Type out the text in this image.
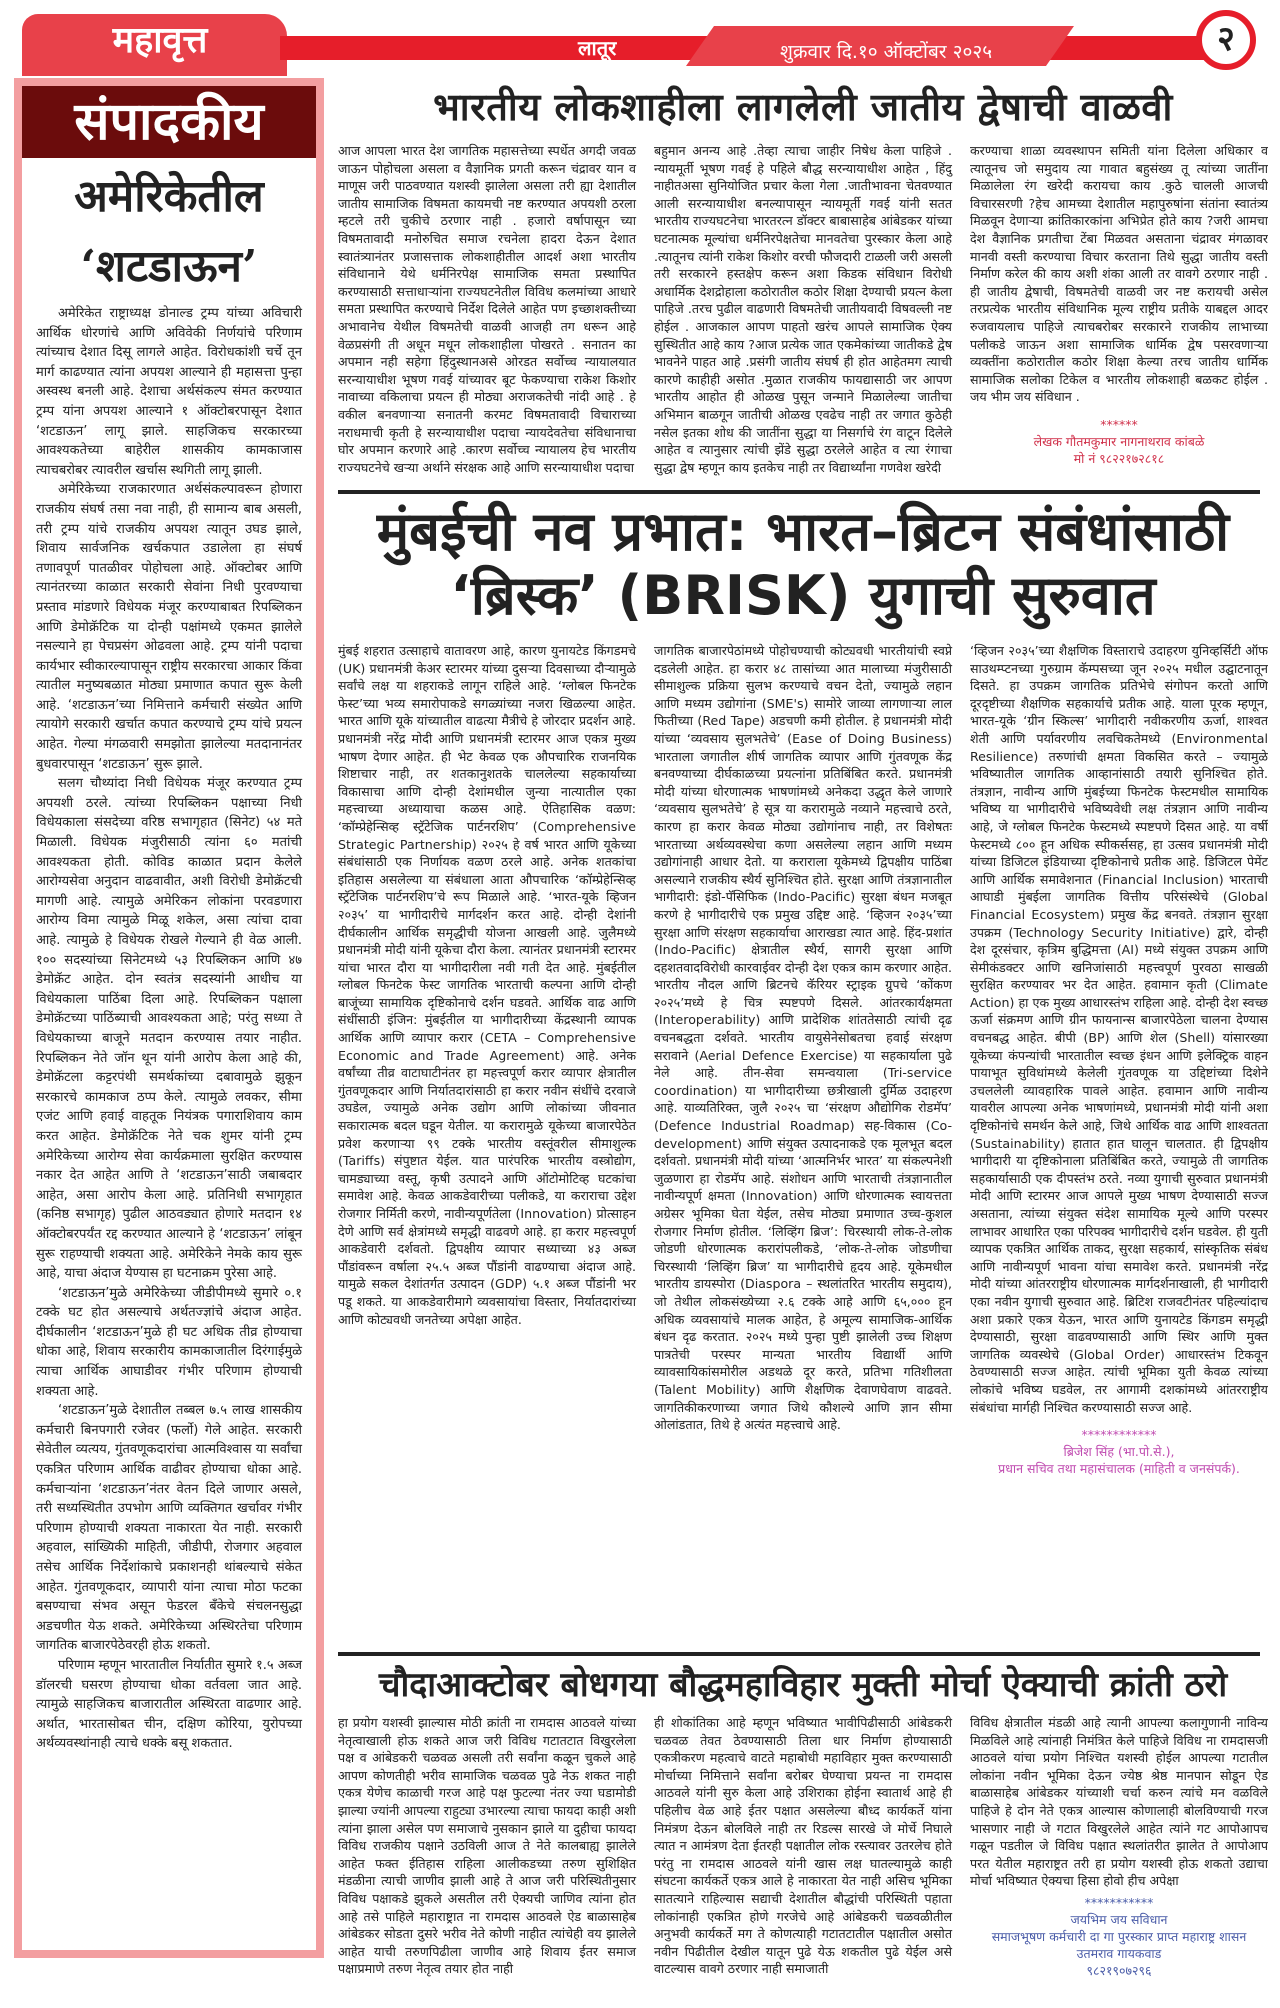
महावृत्त	लातूर	शुक्रवार दि.१० ऑक्टोंबर २०२५	२
संपादकीय
अमेरिकेतील
‘शटडाऊन’

अमेरिकेत राष्ट्राध्यक्ष डोनाल्ड ट्रम्प यांच्या अविचारी आर्थिक धोरणांचे आणि अविवेकी निर्णयांचे परिणाम त्यांच्याच देशात दिसू लागले आहेत. विरोधकांशी चर्चे तून मार्ग काढण्यात त्यांना अपयश आल्याने ही महासत्ता पुन्हा अस्वस्थ बनली आहे. देशाचा अर्थसंकल्प संमत करण्यात ट्रम्प यांना अपयश आल्याने १ ऑक्टोबरपासून देशात ‘शटडाऊन’ लागू झाले. साहजिकच सरकारच्या आवश्यकतेच्या बाहेरील शासकीय कामकाजास त्याचबरोबर त्यावरील खर्चास स्थगिती लागू झाली.

अमेरिकेच्या राजकारणात अर्थसंकल्पावरून होणारा राजकीय संघर्ष तसा नवा नाही, ही सामान्य बाब असली, तरी ट्रम्प यांचे राजकीय अपयश त्यातून उघड झाले, शिवाय सार्वजनिक खर्चकपात उडालेला हा संघर्ष तणावपूर्ण पातळीवर पोहोचला आहे. ऑक्टोबर आणि त्यानंतरच्या काळात सरकारी सेवांना निधी पुरवण्याचा प्रस्ताव मांडणारे विधेयक मंजूर करण्याबाबत रिपब्लिकन आणि डेमोक्रॅटिक या दोन्ही पक्षांमध्ये एकमत झालेले नसल्याने हा पेचप्रसंग ओढवला आहे. ट्रम्प यांनी पदाचा कार्यभार स्वीकारल्यापासून राष्ट्रीय सरकारचा आकार किंवा त्यातील मनुष्यबळात मोठ्या प्रमाणात कपात सुरू केली आहे. ‘शटडाऊन’च्या निमित्ताने कर्मचारी संख्येत आणि त्यायोगे सरकारी खर्चात कपात करण्याचे ट्रम्प यांचे प्रयत्न आहेत. गेल्या मंगळवारी समझोता झालेल्या मतदानानंतर बुधवारपासून ‘शटडाऊन’ सुरू झाले.

सलग चौथ्यांदा निधी विधेयक मंजूर करण्यात ट्रम्प अपयशी ठरले. त्यांच्या रिपब्लिकन पक्षाच्या निधी विधेयकाला संसदेच्या वरिष्ठ सभागृहात (सिनेट) ५४ मते मिळाली. विधेयक मंजुरीसाठी त्यांना ६० मतांची आवश्यकता होती. कोविड काळात प्रदान केलेले आरोग्यसेवा अनुदान वाढवावीत, अशी विरोधी डेमोक्रॅटची मागणी आहे. त्यामुळे अमेरिकन लोकांना परवडणारा आरोग्य विमा त्यामुळे मिळू शकेल, असा त्यांचा दावा आहे. त्यामुळे हे विधेयक रोखले गेल्याने ही वेळ आली. १०० सदस्यांच्या सिनेटमध्ये ५३ रिपब्लिकन आणि ४७ डेमोक्रॅट आहेत. दोन स्वतंत्र सदस्यांनी आधीच या विधेयकाला पाठिंबा दिला आहे. रिपब्लिकन पक्षाला डेमोक्रॅटच्या पाठिंब्याची आवश्यकता आहे; परंतु सध्या ते विधेयकाच्या बाजूने मतदान करण्यास तयार नाहीत. रिपब्लिकन नेते जॉन थून यांनी आरोप केला आहे की, डेमोक्रॅटला कट्टरपंथी समर्थकांच्या दबावामुळे झुकून सरकारचे कामकाज ठप्प केले. त्यामुळे लवकर, सीमा एजंट आणि हवाई वाहतूक नियंत्रक पगाराशिवाय काम करत आहेत. डेमोक्रॅटिक नेते चक शुमर यांनी ट्रम्प अमेरिकेच्या आरोग्य सेवा कार्यक्रमाला सुरक्षित करण्यास नकार देत आहेत आणि ते ‘शटडाऊन’साठी जबाबदार आहेत, असा आरोप केला आहे. प्रतिनिधी सभागृहात (कनिष्ठ सभागृह) पुढील आठवड्यात होणारे मतदान १४ ऑक्टोबरपर्यंत रद्द करण्यात आल्याने हे ‘शटडाऊन’ लांबून सुरू राहण्याची शक्यता आहे. अमेरिकेने नेमके काय सुरू आहे, याचा अंदाज येण्यास हा घटनाक्रम पुरेसा आहे.

‘शटडाऊन’मुळे अमेरिकेच्या जीडीपीमध्ये सुमारे ०.१ टक्के घट होत असल्याचे अर्थतज्ज्ञांचे अंदाज आहेत. दीर्घकालीन ‘शटडाऊन’मुळे ही घट अधिक तीव्र होण्याचा धोका आहे, शिवाय सरकारीय कामकाजातील दिरंगाईमुळे त्याचा आर्थिक आघाडीवर गंभीर परिणाम होण्याची शक्यता आहे.

‘शटडाऊन’मुळे देशातील तब्बल ७.५ लाख शासकीय कर्मचारी बिनपगारी रजेवर (फर्लो) गेले आहेत. सरकारी सेवेतील व्यत्यय, गुंतवणूकदारांचा आत्मविश्वास या सर्वांचा एकत्रित परिणाम आर्थिक वाढीवर होण्याचा धोका आहे. कर्मचाऱ्यांना ‘शटडाऊन’नंतर वेतन दिले जाणार असले, तरी सध्यस्थितीत उपभोग आणि व्यक्तिगत खर्चावर गंभीर परिणाम होण्याची शक्यता नाकारता येत नाही. सरकारी अहवाल, सांख्यिकी माहिती, जीडीपी, रोजगार अहवाल तसेच आर्थिक निर्देशांकाचे प्रकाशनही थांबल्याचे संकेत आहेत. गुंतवणूकदार, व्यापारी यांना त्याचा मोठा फटका बसण्याचा संभव असून फेडरल बँकेचे संचलनसुद्धा अडचणीत येऊ शकते. अमेरिकेच्या अस्थिरतेचा परिणाम जागतिक बाजारपेठेवरही होऊ शकतो.

परिणाम म्हणून भारतातील निर्यातीत सुमारे १.५ अब्ज डॉलरची घसरण होण्याचा धोका वर्तवला जात आहे. त्यामुळे साहजिकच बाजारातील अस्थिरता वाढणार आहे. अर्थात, भारतासोबत चीन, दक्षिण कोरिया, युरोपच्या अर्थव्यवस्थांनाही त्याचे धक्के बसू शकतात.

भारतीय लोकशाहीला लागलेली जातीय द्वेषाची वाळवी
आज आपला भारत देश जागतिक महासत्तेच्या स्पर्धेत अगदी जवळ जाऊन पोहोचला असला व वैज्ञानिक प्रगती करून चंद्रावर यान व माणूस जरी पाठवण्यात यशस्वी झालेला असला तरी ह्या देशातील जातीय सामाजिक विषमता कायमची नष्ट करण्यात अपयशी ठरला म्हटले तरी चुकीचे ठरणार नाही . हजारो वर्षापासून च्या विषमतावादी मनोरुचित समाज रचनेला हादरा देऊन देशात स्वातंत्र्यानंतर प्रजासत्ताक लोकशाहीतील आदर्श अशा भारतीय संविधानाने येथे धर्मनिरपेक्ष सामाजिक समता प्रस्थापित करण्यासाठी सत्ताधाऱ्यांना राज्यघटनेतील विविध कलमांच्या आधारे समता प्रस्थापित करण्याचे निर्देश दिलेले आहेत पण इच्छाशक्तीच्या अभावानेच येथील विषमतेची वाळवी आजही तग धरून आहे वेळप्रसंगी ती अधून मधून लोकशाहीला पोखरते . सनातन का अपमान नही सहेगा हिंदुस्थानअसे ओरडत सर्वोच्च न्यायालयात सरन्यायाधीश भूषण गवई यांच्यावर बूट फेकण्याचा राकेश किशोर नावाच्या वकिलाचा प्रयत्न ही मोठ्या अराजकतेची नांदी आहे . हे वकील बनवणाऱ्या सनातनी करमट विषमतावादी विचाराच्या नराधमाची कृती हे सरन्यायाधीश पदाचा न्यायदेवतेचा संविधानाचा घोर अपमान करणारे आहे .कारण सर्वोच्च न्यायालय हेच भारतीय राज्यघटनेचे खऱ्या अर्थाने संरक्षक आहे आणि सरन्यायाधीश पदाचा
बहुमान अनन्य आहे .तेव्हा त्याचा जाहीर निषेध केला पाहिजे . न्यायमूर्ती भूषण गवई हे पहिले बौद्ध सरन्यायाधीश आहेत , हिंदु नाहीतअसा सुनियोजित प्रचार केला गेला .जातीभावना चेतवण्यात आली सरन्यायाधीश बनल्यापासून न्यायमूर्ती गवई यांनी सतत भारतीय राज्यघटनेचा भारतरत्न डॉक्टर बाबासाहेब आंबेडकर यांच्या घटनात्मक मूल्यांचा धर्मनिरपेक्षतेचा मानवतेचा पुरस्कार केला आहे .त्यातूनच त्यांनी राकेश किशोर वरची फौजदारी टाळली जरी असली तरी सरकारने हस्तक्षेप करून अशा किडक संविधान विरोधी अधार्मिक देशद्रोहाला कठोरातील कठोर शिक्षा देण्याची प्रयत्न केला पाहिजे .तरच पुढील वाढणारी विषमतेची जातीयवादी विषवल्ली नष्ट होईल . आजकाल आपण पाहतो खरंच आपले सामाजिक ऐक्य सुस्थितीत आहे काय ?आज प्रत्येक जात एकमेकांच्या जातीकडे द्वेष भावनेने पाहत आहे .प्रसंगी जातीय संघर्ष ही होत आहेतमग त्याची कारणे काहीही असोत .मुळात राजकीय फायद्यासाठी जर आपण भारतीय आहोत ही ओळख पुसून जन्माने मिळालेल्या जातीचा अभिमान बाळगून जातीची ओळख एवढेच नाही तर जगात कुठेही नसेल इतका शोध की जातींना सुद्धा या निसर्गाचे रंग वाटून दिलेले आहेत व त्यानुसार त्यांची झेंडे सुद्धा ठरलेले आहेत व त्या रंगाचा सुद्धा द्वेष म्हणून काय इतकेच नाही तर विद्यार्थ्यांना गणवेश खरेदी
करण्याचा शाळा व्यवस्थापन समिती यांना दिलेला अधिकार व त्यातूनच जो समुदाय त्या गावात बहुसंख्य तू त्यांच्या जातींना मिळालेला रंग खरेदी करायचा काय .कुठे चालली आजची विचारसरणी ?हेच आमच्या देशातील महापुरुषांना संतांना स्वातंत्र्य मिळवून देणाऱ्या क्रांतिकारकांना अभिप्रेत होते काय ?जरी आमचा देश वैज्ञानिक प्रगतीचा टेंबा मिळवत असताना चंद्रावर मंगळावर मानवी वस्ती करण्याचा विचार करताना तिथे सुद्धा जातीय वस्ती निर्माण करेल की काय अशी शंका आली तर वावगे ठरणार नाही . ही जातीय द्वेषाची, विषमतेची वाळवी जर नष्ट करायची असेल तरप्रत्येक भारतीय संविधानिक मूल्य राष्ट्रीय प्रतीके याबद्दल आदर रुजवायलाच पाहिजे त्याचबरोबर सरकारने राजकीय लाभाच्या पलीकडे जाऊन अशा सामाजिक धार्मिक द्वेष पसरवणाऱ्या व्यक्तींना कठोरातील कठोर शिक्षा केल्या तरच जातीय धार्मिक सामाजिक सलोका टिकेल व भारतीय लोकशाही बळकट होईल . जय भीम जय संविधान .
******
लेखक गौतमकुमार नागनाथराव कांबळे
मो नं ९८२२१७२८१८
मुंबईची नव प्रभात: भारत–ब्रिटन संबंधांसाठी
‘ब्रिस्क’ (BRISK) युगाची सुरुवात
मुंबई शहरात उत्साहाचे वातावरण आहे, कारण युनायटेड किंगडमचे (UK) प्रधानमंत्री केअर स्टारमर यांच्या दुसऱ्या दिवसाच्या दौऱ्यामुळे सर्वांचे लक्ष या शहराकडे लागून राहिले आहे. ‘ग्लोबल फिनटेक फेस्ट’च्या भव्य समारोपाकडे सगळ्यांच्या नजरा खिळल्या आहेत. भारत आणि यूके यांच्यातील वाढत्या मैत्रीचे हे जोरदार प्रदर्शन आहे. प्रधानमंत्री नरेंद्र मोदी आणि प्रधानमंत्री स्टारमर आज एकत्र मुख्य भाषण देणार आहेत. ही भेट केवळ एक औपचारिक राजनयिक शिष्टाचार नाही, तर शतकानुशतके चाललेल्या सहकार्याच्या विकासाचा आणि दोन्ही देशांमधील जुन्या नात्यातील एका महत्त्वाच्या अध्यायाचा कळस आहे. ऐतिहासिक वळण: ‘कॉम्प्रेहेन्सिव्ह स्ट्रॅटेजिक पार्टनरशिप’ (Comprehensive Strategic Partnership) २०२५ हे वर्ष भारत आणि यूकेच्या संबंधांसाठी एक निर्णायक वळण ठरले आहे. अनेक शतकांचा इतिहास असलेल्या या संबंधाला आता औपचारिक ‘कॉम्प्रेहेन्सिव्ह स्ट्रॅटेजिक पार्टनरशिप’चे रूप मिळाले आहे. ‘भारत-यूके व्हिजन २०३५’ या भागीदारीचे मार्गदर्शन करत आहे. दोन्ही देशांनी दीर्घकालीन आर्थिक समृद्धीची योजना आखली आहे. जुलैमध्ये प्रधानमंत्री मोदी यांनी यूकेचा दौरा केला. त्यानंतर प्रधानमंत्री स्टारमर यांचा भारत दौरा या भागीदारीला नवी गती देत आहे. मुंबईतील ग्लोबल फिनटेक फेस्ट जागतिक भारताची कल्पना आणि दोन्ही बाजूंच्या सामायिक दृष्टिकोनाचे दर्शन घडवते. आर्थिक वाढ आणि संधींसाठी इंजिन: मुंबईतील या भागीदारीच्या केंद्रस्थानी व्यापक आर्थिक आणि व्यापार करार (CETA – Comprehensive Economic and Trade Agreement) आहे. अनेक वर्षांच्या तीव्र वाटाघाटीनंतर हा महत्त्वपूर्ण करार व्यापार क्षेत्रातील गुंतवणूकदार आणि निर्यातदारांसाठी हा करार नवीन संधींचे दरवाजे उघडेल, ज्यामुळे अनेक उद्योग आणि लोकांच्या जीवनात सकारात्मक बदल घडून येतील. या करारामुळे यूकेच्या बाजारपेठेत प्रवेश करणाऱ्या ९९ टक्के भारतीय वस्तूंवरील सीमाशुल्क (Tariffs) संपुष्टात येईल. यात पारंपरिक भारतीय वस्त्रोद्योग, चामड्याच्या वस्तू, कृषी उत्पादने आणि ऑटोमोटिव्ह घटकांचा समावेश आहे. केवळ आकडेवारीच्या पलीकडे, या कराराचा उद्देश रोजगार निर्मिती करणे, नावीन्यपूर्णतेला (Innovation) प्रोत्साहन देणे आणि सर्व क्षेत्रांमध्ये समृद्धी वाढवणे आहे. हा करार महत्त्वपूर्ण आकडेवारी दर्शवतो. द्विपक्षीय व्यापार सध्याच्या ४३ अब्ज पौंडांवरून वर्षाला २५.५ अब्ज पौंडांनी वाढण्याचा अंदाज आहे. यामुळे सकल देशांतर्गत उत्पादन (GDP) ५.१ अब्ज पौंडांनी भर पडू शकते. या आकडेवारीमागे व्यवसायांचा विस्तार, निर्यातदारांच्या आणि कोट्यवधी जनतेच्या अपेक्षा आहेत.
जागतिक बाजारपेठांमध्ये पोहोचण्याची कोट्यवधी भारतीयांची स्वप्ने दडलेली आहेत. हा करार ४८ तासांच्या आत मालाच्या मंजुरीसाठी सीमाशुल्क प्रक्रिया सुलभ करण्याचे वचन देतो, ज्यामुळे लहान आणि मध्यम उद्योगांना (SME's) सामोरे जाव्या लागणाऱ्या लाल फितीच्या (Red Tape) अडचणी कमी होतील. हे प्रधानमंत्री मोदी यांच्या ‘व्यवसाय सुलभतेचे’ (Ease of Doing Business) भारताला जगातील शीर्ष जागतिक व्यापार आणि गुंतवणूक केंद्र बनवण्याच्या दीर्घकाळच्या प्रयत्नांना प्रतिबिंबित करते. प्रधानमंत्री मोदी यांच्या धोरणात्मक भाषणांमध्ये अनेकदा उद्धृत केले जाणारे ‘व्यवसाय सुलभतेचे’ हे सूत्र या करारामुळे नव्याने महत्त्वाचे ठरते, कारण हा करार केवळ मोठ्या उद्योगांनाच नाही, तर विशेषतः भारताच्या अर्थव्यवस्थेचा कणा असलेल्या लहान आणि मध्यम उद्योगांनाही आधार देतो. या कराराला यूकेमध्ये द्विपक्षीय पाठिंबा असल्याने राजकीय स्थैर्य सुनिश्चित होते. सुरक्षा आणि तंत्रज्ञानातील भागीदारी: इंडो-पॅसिफिक (Indo-Pacific) सुरक्षा बंधन मजबूत करणे हे भागीदारीचे एक प्रमुख उद्दिष्ट आहे. ‘व्हिजन २०३५’च्या सुरक्षा आणि संरक्षण सहकार्याचा आराखडा त्यात आहे. हिंद-प्रशांत (Indo-Pacific) क्षेत्रातील स्थैर्य, सागरी सुरक्षा आणि दहशतवादविरोधी कारवाईवर दोन्ही देश एकत्र काम करणार आहेत. भारतीय नौदल आणि ब्रिटनचे कॅरियर स्ट्राइक ग्रुपचे ‘कोंकण २०२५’मध्ये हे चित्र स्पष्टपणे दिसले. आंतरकार्यक्षमता (Interoperability) आणि प्रादेशिक शांततेसाठी त्यांची दृढ वचनबद्धता दर्शवते. भारतीय वायुसेनेसोबतचा हवाई संरक्षण सरावाने (Aerial Defence Exercise) या सहकार्याला पुढे नेले आहे. तीन-सेवा समन्वयाला (Tri-service coordination) या भागीदारीच्या छत्रीखाली दुर्मिळ उदाहरण आहे. याव्यतिरिक्त, जुलै २०२५ चा ‘संरक्षण औद्योगिक रोडमॅप’ (Defence Industrial Roadmap) सह-विकास (Co-development) आणि संयुक्त उत्पादनाकडे एक मूलभूत बदल दर्शवतो. प्रधानमंत्री मोदी यांच्या ‘आत्मनिर्भर भारत’ या संकल्पनेशी जुळणारा हा रोडमॅप आहे. संशोधन आणि भारताची तंत्रज्ञानातील नावीन्यपूर्ण क्षमता (Innovation) आणि धोरणात्मक स्वायत्तता अग्रेसर भूमिका घेता येईल, तसेच मोठ्या प्रमाणात उच्च-कुशल रोजगार निर्माण होतील. ‘लिव्हिंग ब्रिज’: चिरस्थायी लोक-ते-लोक जोडणी धोरणात्मक करारांपलीकडे, ‘लोक-ते-लोक जोडणीचा चिरस्थायी ‘लिव्हिंग ब्रिज’ या भागीदारीचे हृदय आहे. यूकेमधील भारतीय डायस्पोरा (Diaspora – स्थलांतरित भारतीय समुदाय), जो तेथील लोकसंख्येच्या २.६ टक्के आहे आणि ६५,००० हून अधिक व्यवसायांचे मालक आहेत, हे अमूल्य सामाजिक-आर्थिक बंधन दृढ करतात. २०२५ मध्ये पुन्हा पुष्टी झालेली उच्च शिक्षण पात्रतेची परस्पर मान्यता भारतीय विद्यार्थी आणि व्यावसायिकांसमोरील अडथळे दूर करते, प्रतिभा गतिशीलता (Talent Mobility) आणि शैक्षणिक देवाणघेवाण वाढवते. जागतिकीकरणाच्या जगात जिथे कौशल्ये आणि ज्ञान सीमा ओलांडतात, तिथे हे अत्यंत महत्त्वाचे आहे.
‘व्हिजन २०३५’च्या शैक्षणिक विस्ताराचे उदाहरण युनिव्हर्सिटी ऑफ साउथम्प्टनच्या गुरुग्राम कॅम्पसच्या जून २०२५ मधील उद्घाटनातून दिसते. हा उपक्रम जागतिक प्रतिभेचे संगोपन करतो आणि दूरदृष्टीच्या शैक्षणिक सहकार्याचे प्रतीक आहे. याला पूरक म्हणून, भारत-यूके ‘ग्रीन स्किल्स’ भागीदारी नवीकरणीय ऊर्जा, शाश्वत शेती आणि पर्यावरणीय लवचिकतेमध्ये (Environmental Resilience) तरुणांची क्षमता विकसित करते – ज्यामुळे भविष्यातील जागतिक आव्हानांसाठी तयारी सुनिश्चित होते. तंत्रज्ञान, नावीन्य आणि मुंबईच्या फिनटेक फेस्टमधील सामायिक भविष्य या भागीदारीचे भविष्यवेधी लक्ष तंत्रज्ञान आणि नावीन्य आहे, जे ग्लोबल फिनटेक फेस्टमध्ये स्पष्टपणे दिसत आहे. या वर्षी फेस्टमध्ये ८०० हून अधिक स्पीकर्ससह, हा उत्सव प्रधानमंत्री मोदी यांच्या डिजिटल इंडियाच्या दृष्टिकोनाचे प्रतीक आहे. डिजिटल पेमेंट आणि आर्थिक समावेशनात (Financial Inclusion) भारताची आघाडी मुंबईला जागतिक वित्तीय परिसंस्थेचे (Global Financial Ecosystem) प्रमुख केंद्र बनवते. तंत्रज्ञान सुरक्षा उपक्रम (Technology Security Initiative) द्वारे, दोन्ही देश दूरसंचार, कृत्रिम बुद्धिमत्ता (AI) मध्ये संयुक्त उपक्रम आणि सेमीकंडक्टर आणि खनिजांसाठी महत्त्वपूर्ण पुरवठा साखळी सुरक्षित करण्यावर भर देत आहेत. हवामान कृती (Climate Action) हा एक मुख्य आधारस्तंभ राहिला आहे. दोन्ही देश स्वच्छ ऊर्जा संक्रमण आणि ग्रीन फायनान्स बाजारपेठेला चालना देण्यास वचनबद्ध आहेत. बीपी (BP) आणि शेल (Shell) यांसारख्या यूकेच्या कंपन्यांची भारतातील स्वच्छ इंधन आणि इलेक्ट्रिक वाहन पायाभूत सुविधांमध्ये केलेली गुंतवणूक या उद्दिष्टांच्या दिशेने उचललेली व्यावहारिक पावले आहेत. हवामान आणि नावीन्य यावरील आपल्या अनेक भाषणांमध्ये, प्रधानमंत्री मोदी यांनी अशा दृष्टिकोनांचे समर्थन केले आहे, जिथे आर्थिक वाढ आणि शाश्वतता (Sustainability) हातात हात घालून चालतात. ही द्विपक्षीय भागीदारी या दृष्टिकोनाला प्रतिबिंबित करते, ज्यामुळे ती जागतिक सहकार्यासाठी एक दीपस्तंभ ठरते. नव्या युगाची सुरुवात प्रधानमंत्री मोदी आणि स्टारमर आज आपले मुख्य भाषण देण्यासाठी सज्ज असताना, त्यांच्या संयुक्त संदेश सामायिक मूल्ये आणि परस्पर लाभावर आधारित एका परिपक्व भागीदारीचे दर्शन घडवेल. ही युती व्यापक एकत्रित आर्थिक ताकद, सुरक्षा सहकार्य, सांस्कृतिक संबंध आणि नावीन्यपूर्ण भावना यांचा समावेश करते. प्रधानमंत्री नरेंद्र मोदी यांच्या आंतरराष्ट्रीय धोरणात्मक मार्गदर्शनाखाली, ही भागीदारी एका नवीन युगाची सुरुवात आहे. ब्रिटिश राजवटीनंतर पहिल्यांदाच अशा प्रकारे एकत्र येऊन, भारत आणि युनायटेड किंगडम समृद्धी देण्यासाठी, सुरक्षा वाढवण्यासाठी आणि स्थिर आणि मुक्त जागतिक व्यवस्थेचे (Global Order) आधारस्तंभ टिकवून ठेवण्यासाठी सज्ज आहेत. त्यांची भूमिका युती केवळ त्यांच्या लोकांचे भविष्य घडवेल, तर आगामी दशकांमध्ये आंतरराष्ट्रीय संबंधांचा मार्गही निश्चित करण्यासाठी सज्ज आहे.
************
ब्रिजेश सिंह (भा.पो.से.),
प्रधान सचिव तथा महासंचालक (माहिती व जनसंपर्क).
चौदाआक्टोबर बोधगया बौद्धमहाविहार मुक्ती मोर्चा ऐक्याची क्रांती ठरो
हा प्रयोग यशस्वी झाल्यास मोठी क्रांती ना रामदास आठवले यांच्या नेतृत्वाखाली होऊ शकते आज जरी विविध गटातटात विखुरलेला पक्ष व आंबेडकरी चळवळ असली तरी सर्वांना कळून चुकले आहे आपण कोणतीही भरीव सामाजिक चळवळ पुढे नेऊ शकत नाही एकत्र येणेच काळाची गरज आहे पक्ष फुटल्या नंतर ज्या घडामोडी झाल्या ज्यांनी आपल्या राहुट्या उभारल्या त्याचा फायदा काही अशी त्यांना झाला असेल पण समाजाचे नुसकान झाले या दुहीचा फायदा विविध राजकीय पक्षाने उठविली आज ते नेते कालबाह्य झालेले आहेत फक्त ईतिहास राहिला आलीकडच्या तरुण सुशिक्षित मंडळीना त्याची जाणीव झाली आहे ते आज जरी परिस्थितीनुसार विविध पक्षाकडे झुकले असतील तरी ऐक्यची जाणिव त्यांना होत आहे तसे पाहिले महाराष्ट्रात ना रामदास आठवले ऐड बाळासाहेब आंबेडकर सोडता दुसरे भरीव नेते कोणी नाहीत त्यांचेही वय झालेले आहेत याची तरुणपिढीला जाणीव आहे शिवाय ईतर समाज पक्षाप्रमाणे तरुण नेतृत्व तयार होत नाही
ही शोकांतिका आहे म्हणून भविष्यात भावीपिढीसाठी आंबेडकरी चळवळ तेवत ठेवण्यासाठी तिला धार निर्माण होण्यासाठी एकत्रीकरण महत्वाचे वाटते महाबोधी महाविहार मुक्त करण्यासाठी मोर्चाच्या निमित्ताने सर्वांना बरोबर घेण्याचा प्रयन्त ना रामदास आठवले यांनी सुरु केला आहे उशिराका होईना स्वातार्थ आहे ही पहिलीच वेळ आहे ईतर पक्षात असलेल्या बौध्द कार्यकर्ते यांना निमंत्रण देऊन बोलविले नाही तर रिडल्स सारखे जे मोर्चे निघाले त्यात न आमंत्रण देता ईतरही पक्षातील लोक रस्त्यावर उतरलेच होते परंतु ना रामदास आठवले यांनी खास लक्ष घातल्यामुळे काही संघटना कार्यकर्ते एकत्र आले हे नाकारता येत नाही असिच भूमिका सातत्याने राहिल्यास सद्याची देशातील बौद्धांची परिस्थिती पहाता लोकांनाही एकत्रित होणे गरजेचे आहे आंबेडकरी चळवळीतील अनुभवी कार्यकर्ते मग ते कोणत्याही गटातटातील पक्षातील असोत नवीन पिढीतील देखील यातून पुढे येऊ शकतील पुढे येईल असे वाटल्यास वावगे ठरणार नाही समाजाती
विविध क्षेत्रातील मंडळी आहे त्यानी आपल्या कलागुणानी नाविन्य मिळविले आहे त्यांनाही निमंत्रित केले पाहिजे विविध ना रामदासजी आठवले यांचा प्रयोग निश्चित यशस्वी होईल आपल्या गटातील लोकांना नवीन भूमिका देऊन ज्येष्ठ श्रेष्ठ मानपान सोडून ऐड बाळासाहेब आंबेडकर यांच्याशी चर्चा करुन त्यांचे मन वळविले पाहिजे हे दोन नेते एकत्र आल्यास कोणालाही बोलविण्याची गरज भासणार नाही जे गटात विखुरलेले आहेत त्यांने गट आपोआपच गळून पडतील जे विविध पक्षात स्थलांतरीत झालेत ते आपोआप परत येतील महाराष्ट्रत तरी हा प्रयोग यशस्वी होऊ शकतो उद्याचा मोर्चा भविष्यात ऐक्यचा हिसा होवो हीच अपेक्षा
***********
जयभिम जय सविधान
समाजभूषण कर्मचारी दा गा पुरस्कार प्राप्त महाराष्ट्र शासन
उतमराव गायकवाड
९८२१९०७२९६
